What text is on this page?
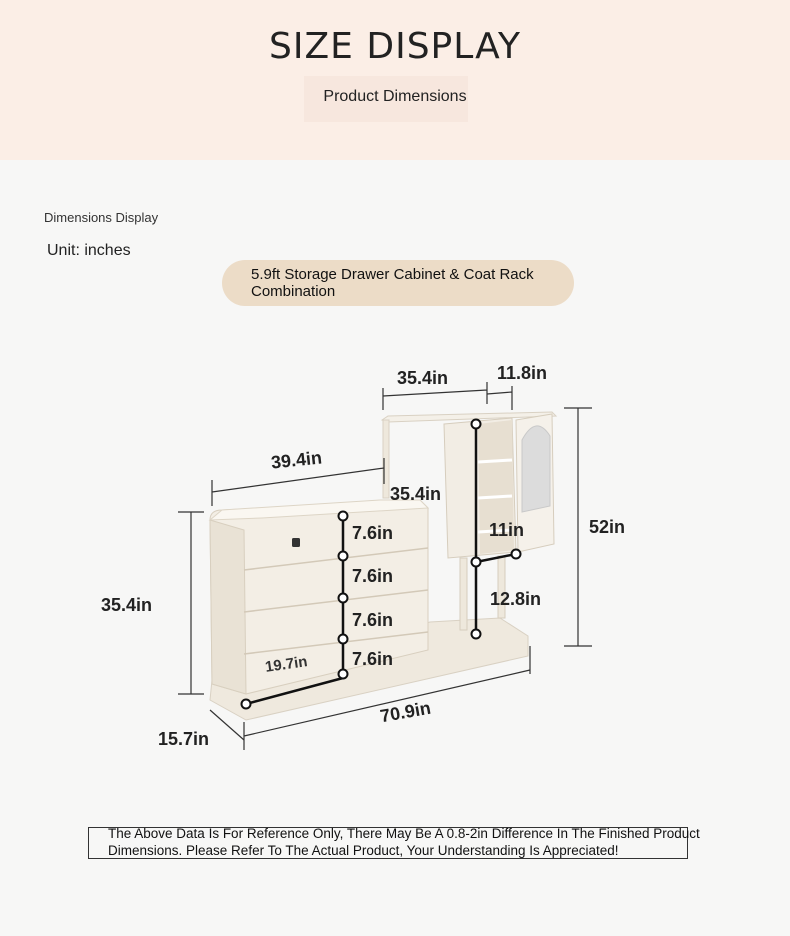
SIZE DISPLAY
Product Dimensions
Dimensions Display
Unit: inches
5.9ft Storage Drawer Cabinet & Coat Rack Combination
35.4in	11.8in
39.4in
35.4in
52in
35.4in
7.6in
7.6in
7.6in
7.6in
19.7in
11in
12.8in
70.9in
15.7in
The Above Data Is For Reference Only, There May Be A 0.8-2in Difference In The Finished Product Dimensions. Please Refer To The Actual Product, Your Understanding Is Appreciated!
